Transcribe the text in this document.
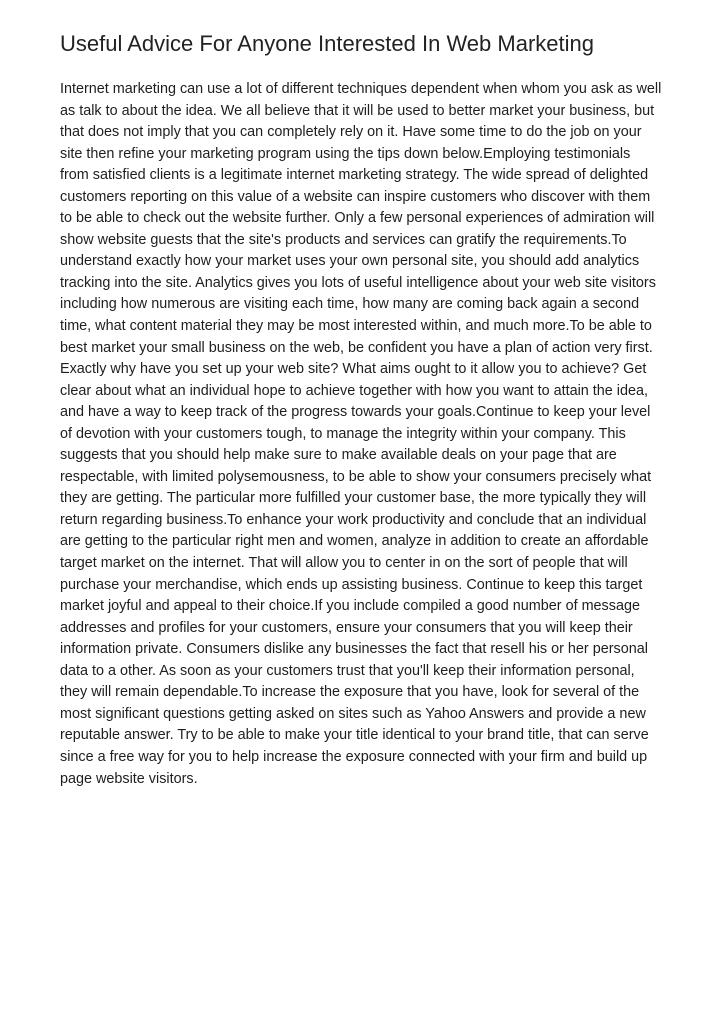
Useful Advice For Anyone Interested In Web Marketing

Internet marketing can use a lot of different techniques dependent when whom you ask as well as talk to about the idea. We all believe that it will be used to better market your business, but that does not imply that you can completely rely on it. Have some time to do the job on your site then refine your marketing program using the tips down below.Employing testimonials from satisfied clients is a legitimate internet marketing strategy. The wide spread of delighted customers reporting on this value of a website can inspire customers who discover with them to be able to check out the website further. Only a few personal experiences of admiration will show website guests that the site's products and services can gratify the requirements.To understand exactly how your market uses your own personal site, you should add analytics tracking into the site. Analytics gives you lots of useful intelligence about your web site visitors including how numerous are visiting each time, how many are coming back again a second time, what content material they may be most interested within, and much more.To be able to best market your small business on the web, be confident you have a plan of action very first. Exactly why have you set up your web site? What aims ought to it allow you to achieve? Get clear about what an individual hope to achieve together with how you want to attain the idea, and have a way to keep track of the progress towards your goals.Continue to keep your level of devotion with your customers tough, to manage the integrity within your company. This suggests that you should help make sure to make available deals on your page that are respectable, with limited polysemousness, to be able to show your consumers precisely what they are getting. The particular more fulfilled your customer base, the more typically they will return regarding business.To enhance your work productivity and conclude that an individual are getting to the particular right men and women, analyze in addition to create an affordable target market on the internet. That will allow you to center in on the sort of people that will purchase your merchandise, which ends up assisting business. Continue to keep this target market joyful and appeal to their choice.If you include compiled a good number of message addresses and profiles for your customers, ensure your consumers that you will keep their information private. Consumers dislike any businesses the fact that resell his or her personal data to a other. As soon as your customers trust that you'll keep their information personal, they will remain dependable.To increase the exposure that you have, look for several of the most significant questions getting asked on sites such as Yahoo Answers and provide a new reputable answer. Try to be able to make your title identical to your brand title, that can serve since a free way for you to help increase the exposure connected with your firm and build up page website visitors.
